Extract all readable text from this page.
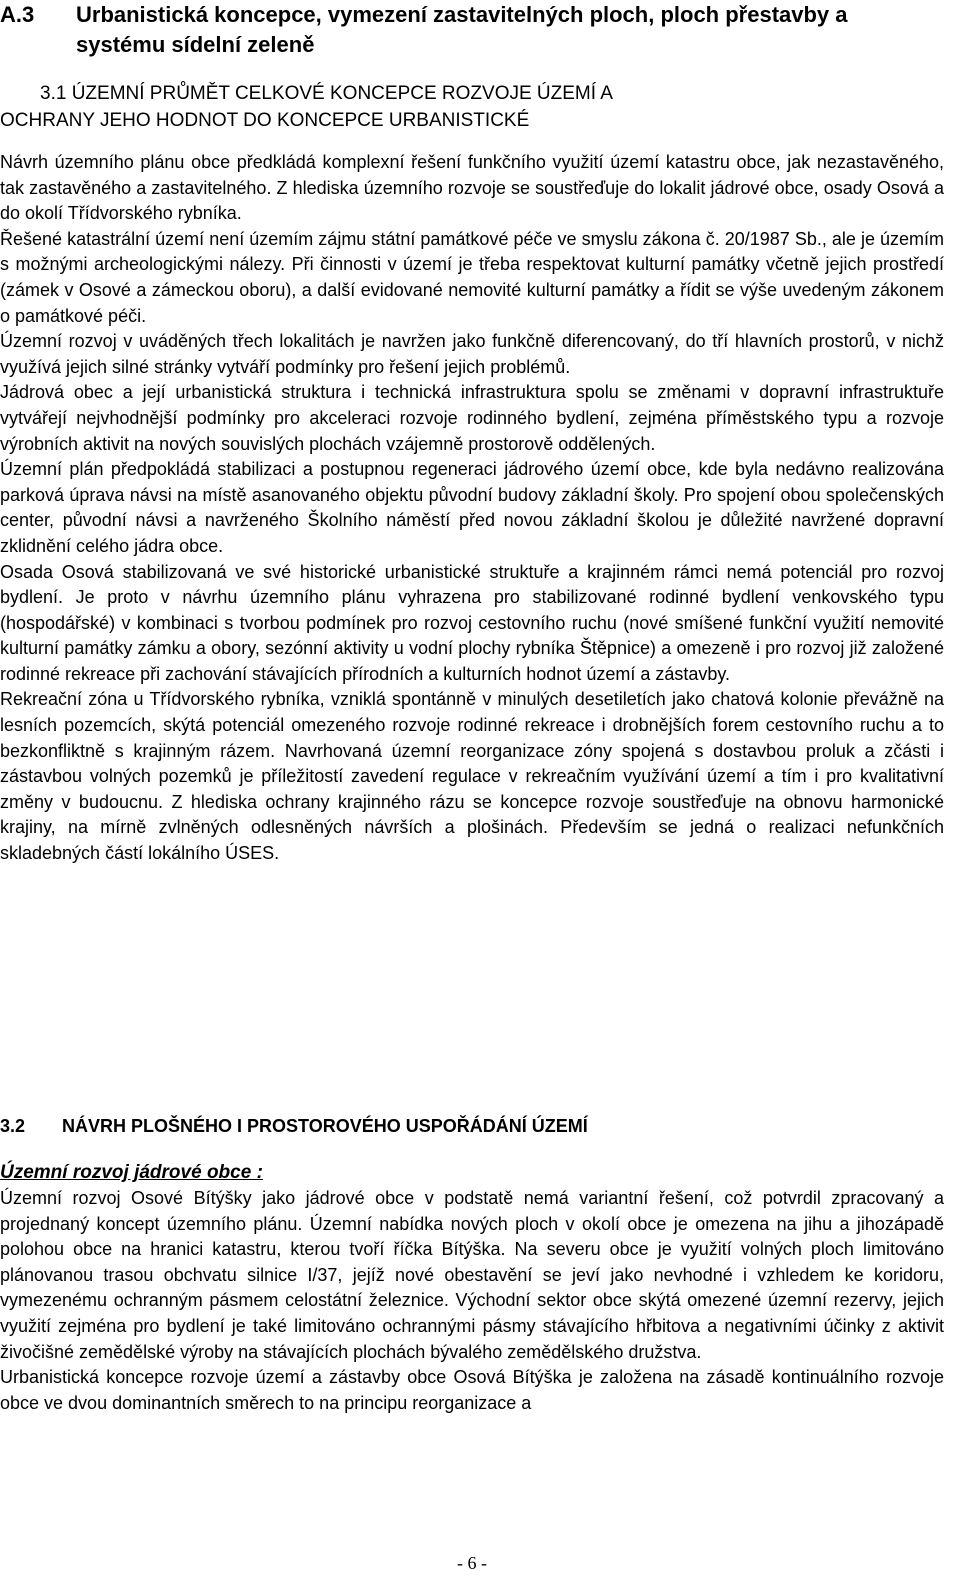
A.3 Urbanistická koncepce, vymezení zastavitelných ploch, ploch přestavby a systému sídelní zeleně
3.1 ÚZEMNÍ PRŮMĚT CELKOVÉ KONCEPCE ROZVOJE ÚZEMÍ A
OCHRANY JEHO HODNOT DO KONCEPCE URBANISTICKÉ

Návrh územního plánu obce předkládá komplexní řešení funkčního využití území katastru obce, jak nezastavěného, tak zastavěného a zastavitelného. Z hlediska územního rozvoje se soustřeďuje do lokalit jádrové obce, osady Osová a do okolí Třídvorského rybníka.

Řešené katastrální území není územím zájmu státní památkové péče ve smyslu zákona č. 20/1987 Sb., ale je územím s možnými archeologickými nálezy. Při činnosti v území je třeba respektovat kulturní památky včetně jejich prostředí (zámek v Osové a zámeckou oboru), a další evidované nemovité kulturní památky a řídit se výše uvedeným zákonem o památkové péči.

Územní rozvoj v uváděných třech lokalitách je navržen jako funkčně diferencovaný, do tří hlavních prostorů, v nichž využívá jejich silné stránky vytváří podmínky pro řešení jejich problémů.

Jádrová obec a její urbanistická struktura i technická infrastruktura spolu se změnami v dopravní infrastruktuře vytvářejí nejvhodnější podmínky pro akceleraci rozvoje rodinného bydlení, zejména příměstského typu a rozvoje výrobních aktivit na nových souvislých plochách vzájemně prostorově oddělených.

Územní plán předpokládá stabilizaci a postupnou regeneraci jádrového území obce, kde byla nedávno realizována parková úprava návsi na místě asanovaného objektu původní budovy základní školy. Pro spojení obou společenských center, původní návsi a navrženého Školního náměstí před novou základní školou je důležité navržené dopravní zklidnění celého jádra obce.

Osada Osová stabilizovaná ve své historické urbanistické struktuře a krajinném rámci nemá potenciál pro rozvoj bydlení. Je proto v návrhu územního plánu vyhrazena pro stabilizované rodinné bydlení venkovského typu (hospodářské) v kombinaci s tvorbou podmínek pro rozvoj cestovního ruchu (nové smíšené funkční využití nemovité kulturní památky zámku a obory, sezónní aktivity u vodní plochy rybníka Štěpnice) a omezeně i pro rozvoj již založené rodinné rekreace při zachování stávajících přírodních a kulturních hodnot území a zástavby.

Rekreační zóna u Třídvorského rybníka, vzniklá spontánně v minulých desetiletích jako chatová kolonie převážně na lesních pozemcích, skýtá potenciál omezeného rozvoje rodinné rekreace i drobnějších forem cestovního ruchu a to bezkonfliktně s krajinným rázem. Navrhovaná územní reorganizace zóny spojená s dostavbou proluk a zčásti i zástavbou volných pozemků je příležitostí zavedení regulace v rekreačním využívání území a tím i pro kvalitativní změny v budoucnu. Z hlediska ochrany krajinného rázu se koncepce rozvoje soustřeďuje na obnovu harmonické krajiny, na mírně zvlněných odlesněných návrších a plošinách. Především se jedná o realizaci nefunkčních skladebných částí lokálního ÚSES.

3.2 NÁVRH PLOŠNÉHO I PROSTOROVÉHO USPOŘÁDÁNÍ ÚZEMÍ
Územní rozvoj jádrové obce :

Územní rozvoj Osové Bítýšky jako jádrové obce v podstatě nemá variantní řešení, což potvrdil zpracovaný a projednaný koncept územního plánu. Územní nabídka nových ploch v okolí obce je omezena na jihu a jihozápadě polohou obce na hranici katastru, kterou tvoří říčka Bítýška. Na severu obce je využití volných ploch limitováno plánovanou trasou obchvatu silnice I/37, jejíž nové obestavění se jeví jako nevhodné i vzhledem ke koridoru, vymezenému ochranným pásmem celostátní železnice. Východní sektor obce skýtá omezené územní rezervy, jejich využití zejména pro bydlení je také limitováno ochrannými pásmy stávajícího hřbitova a negativními účinky z aktivit živočišné zemědělské výroby na stávajících plochách bývalého zemědělského družstva.

Urbanistická koncepce rozvoje území a zástavby obce Osová Bítýška je založena na zásadě kontinuálního rozvoje obce ve dvou dominantních směrech to na principu reorganizace a

- 6 -
